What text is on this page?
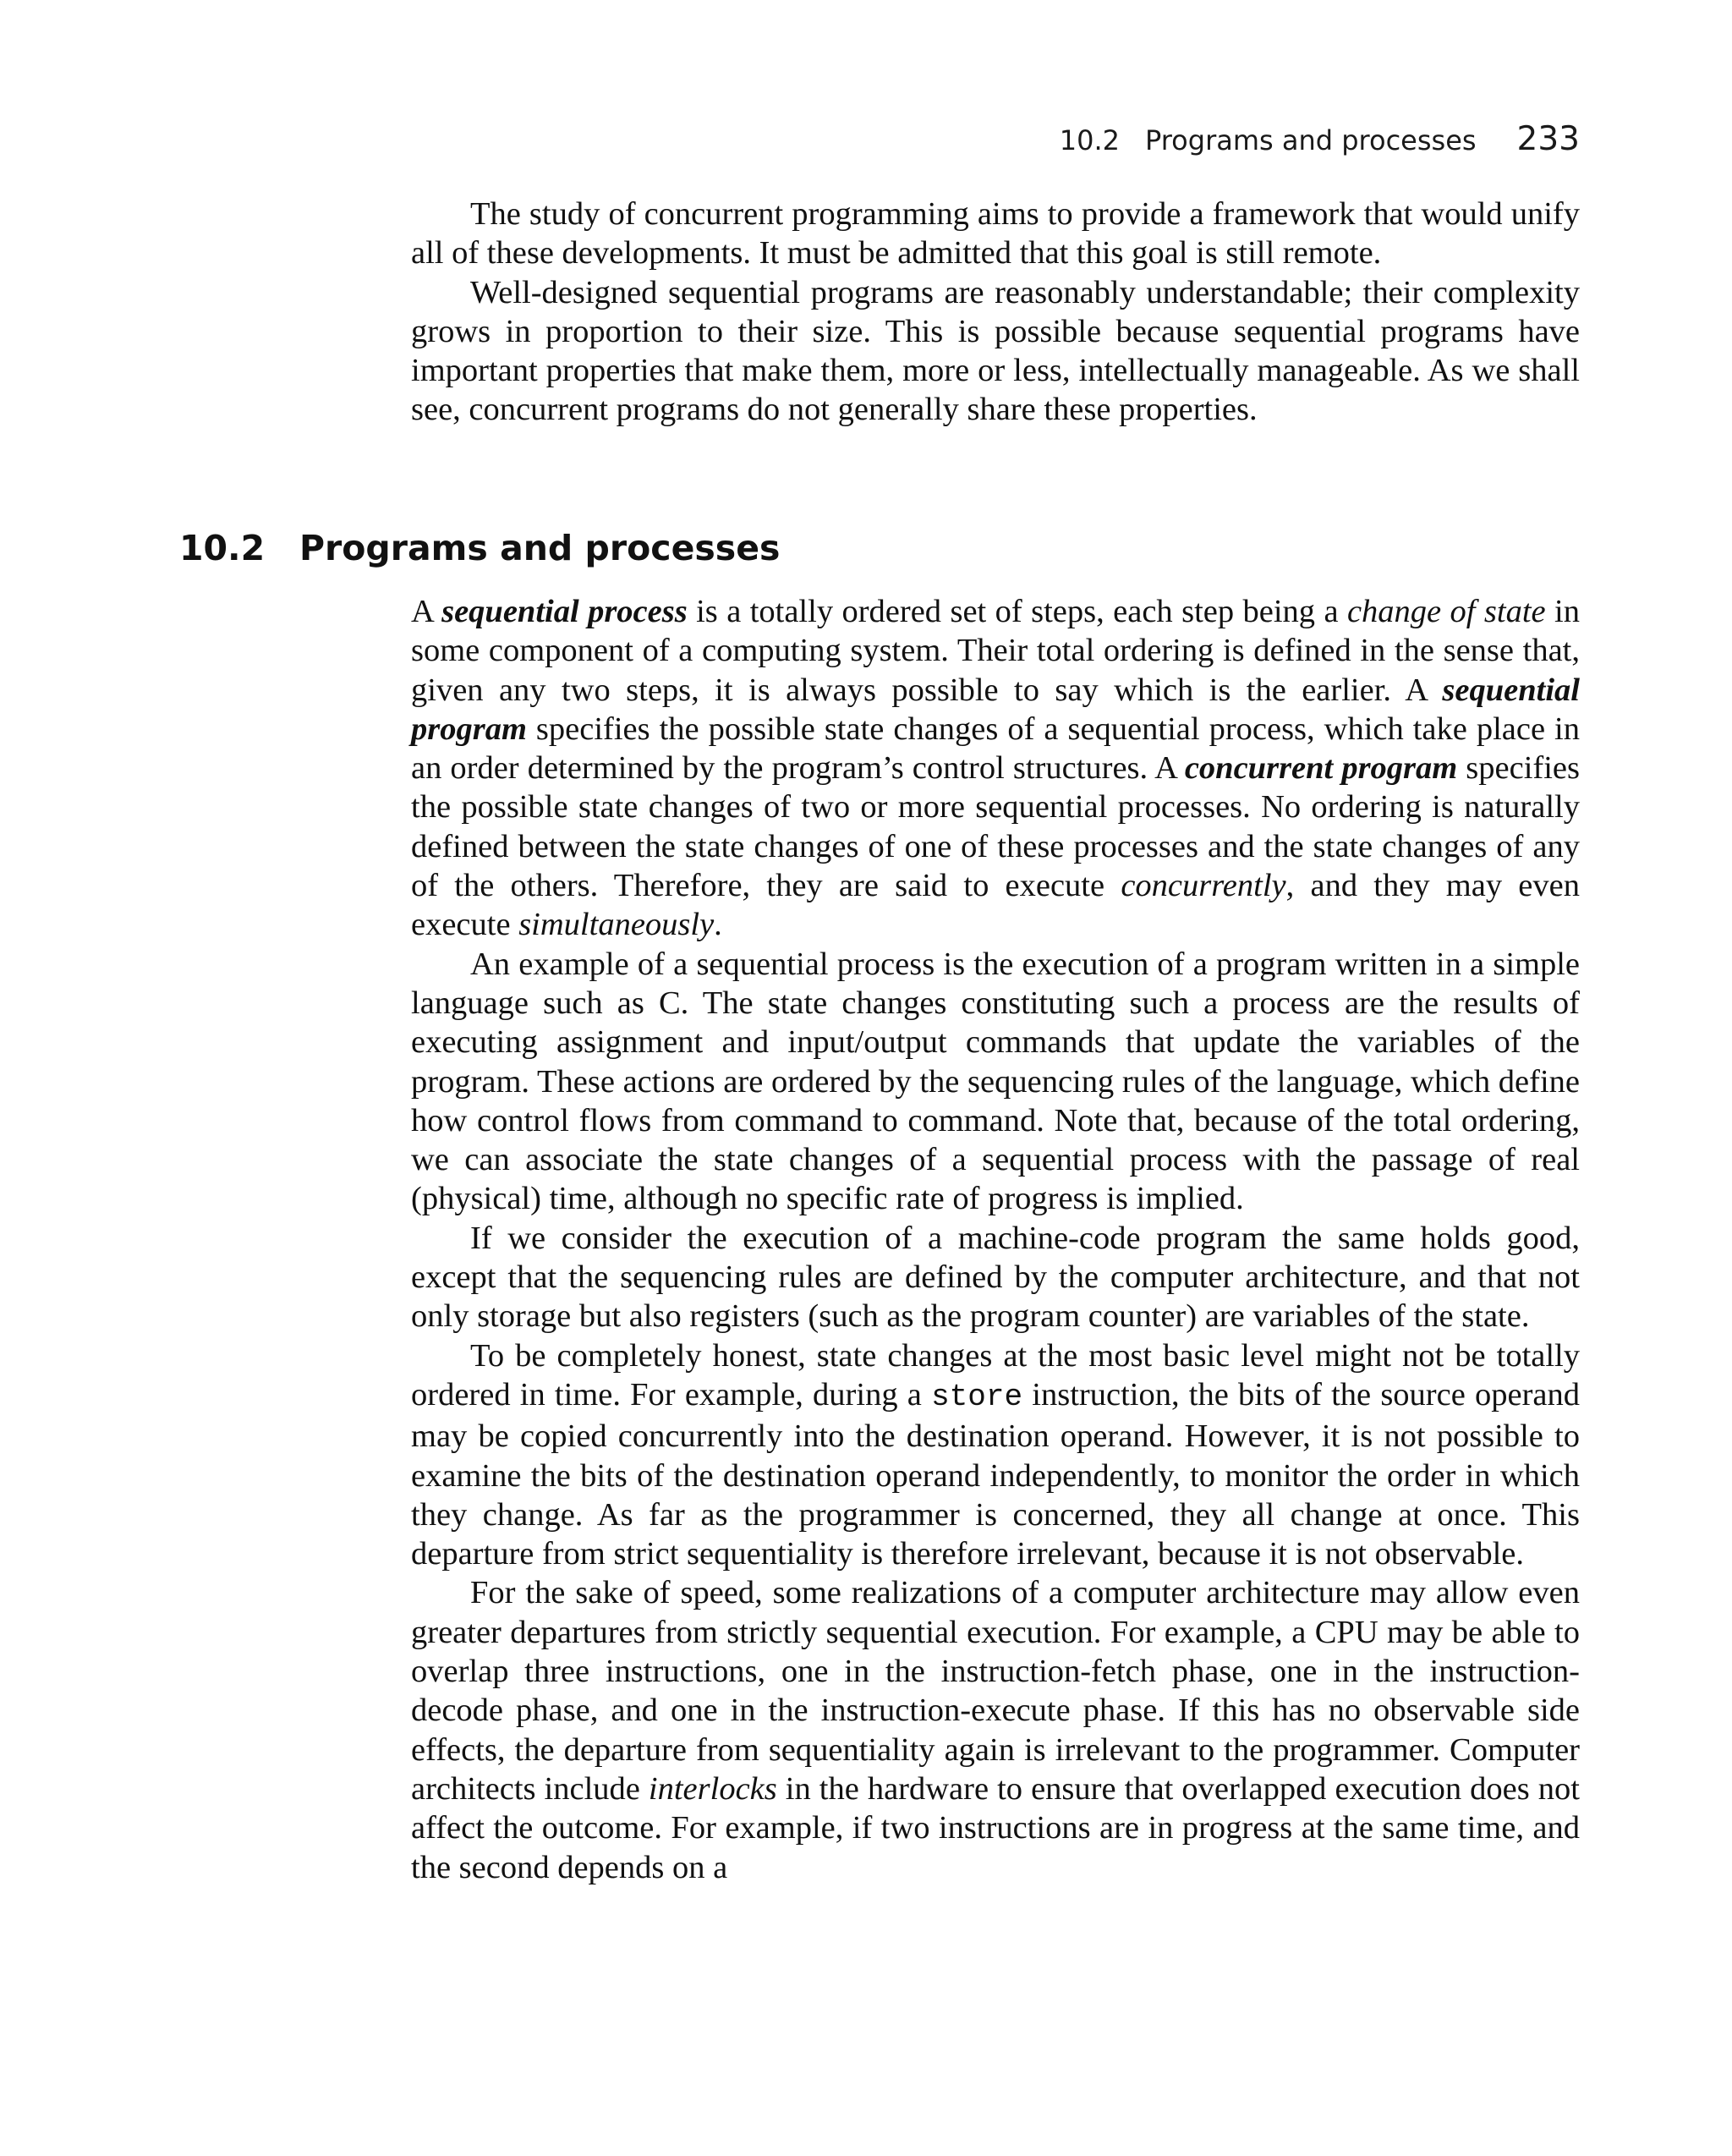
10.2 Programs and processes 233

The study of concurrent programming aims to provide a framework that would unify all of these developments. It must be admitted that this goal is still remote.

Well-designed sequential programs are reasonably understandable; their complexity grows in proportion to their size. This is possible because sequential programs have important properties that make them, more or less, intellectually manageable. As we shall see, concurrent programs do not generally share these properties.

10.2 Programs and processes

A sequential process is a totally ordered set of steps, each step being a change of state in some component of a computing system. Their total ordering is defined in the sense that, given any two steps, it is always possible to say which is the earlier. A sequential program specifies the possible state changes of a sequential process, which take place in an order determined by the program’s control structures. A concurrent program specifies the possible state changes of two or more sequential processes. No ordering is naturally defined between the state changes of one of these processes and the state changes of any of the others. Therefore, they are said to execute concurrently, and they may even execute simultaneously.

An example of a sequential process is the execution of a program written in a simple language such as C. The state changes constituting such a process are the results of executing assignment and input/output commands that update the variables of the program. These actions are ordered by the sequencing rules of the language, which define how control flows from command to command. Note that, because of the total ordering, we can associate the state changes of a sequential process with the passage of real (physical) time, although no specific rate of progress is implied.

If we consider the execution of a machine-code program the same holds good, except that the sequencing rules are defined by the computer architecture, and that not only storage but also registers (such as the program counter) are variables of the state.

To be completely honest, state changes at the most basic level might not be totally ordered in time. For example, during a store instruction, the bits of the source operand may be copied concurrently into the destination operand. However, it is not possible to examine the bits of the destination operand independently, to monitor the order in which they change. As far as the programmer is concerned, they all change at once. This departure from strict sequentiality is therefore irrelevant, because it is not observable.

For the sake of speed, some realizations of a computer architecture may allow even greater departures from strictly sequential execution. For example, a CPU may be able to overlap three instructions, one in the instruction-fetch phase, one in the instruction-decode phase, and one in the instruction-execute phase. If this has no observable side effects, the departure from sequentiality again is irrelevant to the programmer. Computer architects include interlocks in the hardware to ensure that overlapped execution does not affect the outcome. For example, if two instructions are in progress at the same time, and the second depends on a
